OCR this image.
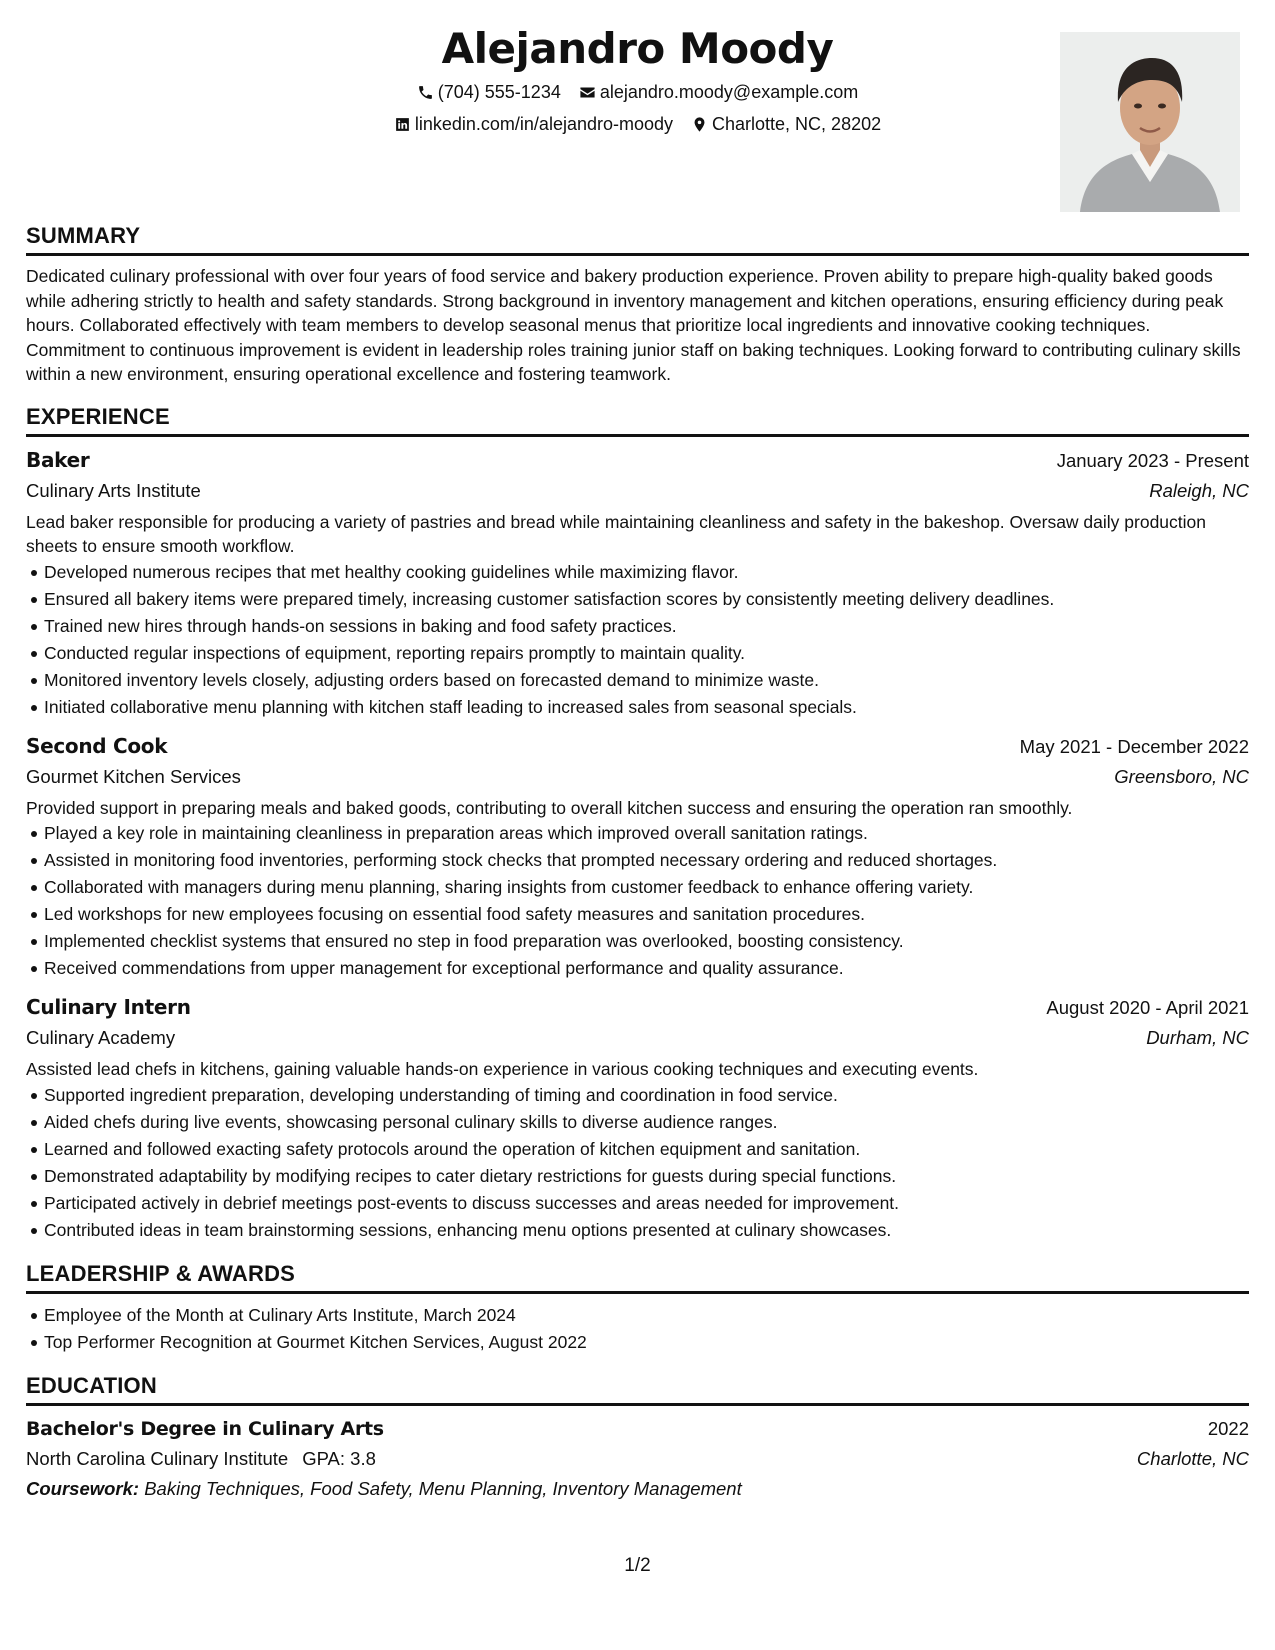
Alejandro Moody
(704) 555-1234 alejandro.moody@example.com
linkedin.com/in/alejandro-moody Charlotte, NC, 28202
SUMMARY
Dedicated culinary professional with over four years of food service and bakery production experience. Proven ability to prepare high-quality baked goods while adhering strictly to health and safety standards. Strong background in inventory management and kitchen operations, ensuring efficiency during peak hours. Collaborated effectively with team members to develop seasonal menus that prioritize local ingredients and innovative cooking techniques. Commitment to continuous improvement is evident in leadership roles training junior staff on baking techniques. Looking forward to contributing culinary skills within a new environment, ensuring operational excellence and fostering teamwork.
EXPERIENCE
Baker	January 2023 - Present
Culinary Arts Institute	Raleigh, NC
Lead baker responsible for producing a variety of pastries and bread while maintaining cleanliness and safety in the bakeshop. Oversaw daily production sheets to ensure smooth workflow.
Developed numerous recipes that met healthy cooking guidelines while maximizing flavor.
Ensured all bakery items were prepared timely, increasing customer satisfaction scores by consistently meeting delivery deadlines.
Trained new hires through hands-on sessions in baking and food safety practices.
Conducted regular inspections of equipment, reporting repairs promptly to maintain quality.
Monitored inventory levels closely, adjusting orders based on forecasted demand to minimize waste.
Initiated collaborative menu planning with kitchen staff leading to increased sales from seasonal specials.
Second Cook	May 2021 - December 2022
Gourmet Kitchen Services	Greensboro, NC
Provided support in preparing meals and baked goods, contributing to overall kitchen success and ensuring the operation ran smoothly.
Played a key role in maintaining cleanliness in preparation areas which improved overall sanitation ratings.
Assisted in monitoring food inventories, performing stock checks that prompted necessary ordering and reduced shortages.
Collaborated with managers during menu planning, sharing insights from customer feedback to enhance offering variety.
Led workshops for new employees focusing on essential food safety measures and sanitation procedures.
Implemented checklist systems that ensured no step in food preparation was overlooked, boosting consistency.
Received commendations from upper management for exceptional performance and quality assurance.
Culinary Intern	August 2020 - April 2021
Culinary Academy	Durham, NC
Assisted lead chefs in kitchens, gaining valuable hands-on experience in various cooking techniques and executing events.
Supported ingredient preparation, developing understanding of timing and coordination in food service.
Aided chefs during live events, showcasing personal culinary skills to diverse audience ranges.
Learned and followed exacting safety protocols around the operation of kitchen equipment and sanitation.
Demonstrated adaptability by modifying recipes to cater dietary restrictions for guests during special functions.
Participated actively in debrief meetings post-events to discuss successes and areas needed for improvement.
Contributed ideas in team brainstorming sessions, enhancing menu options presented at culinary showcases.
LEADERSHIP & AWARDS
Employee of the Month at Culinary Arts Institute, March 2024
Top Performer Recognition at Gourmet Kitchen Services, August 2022
EDUCATION
Bachelor's Degree in Culinary Arts	2022
North Carolina Culinary Institute GPA: 3.8	Charlotte, NC
Coursework: Baking Techniques, Food Safety, Menu Planning, Inventory Management
1/2
